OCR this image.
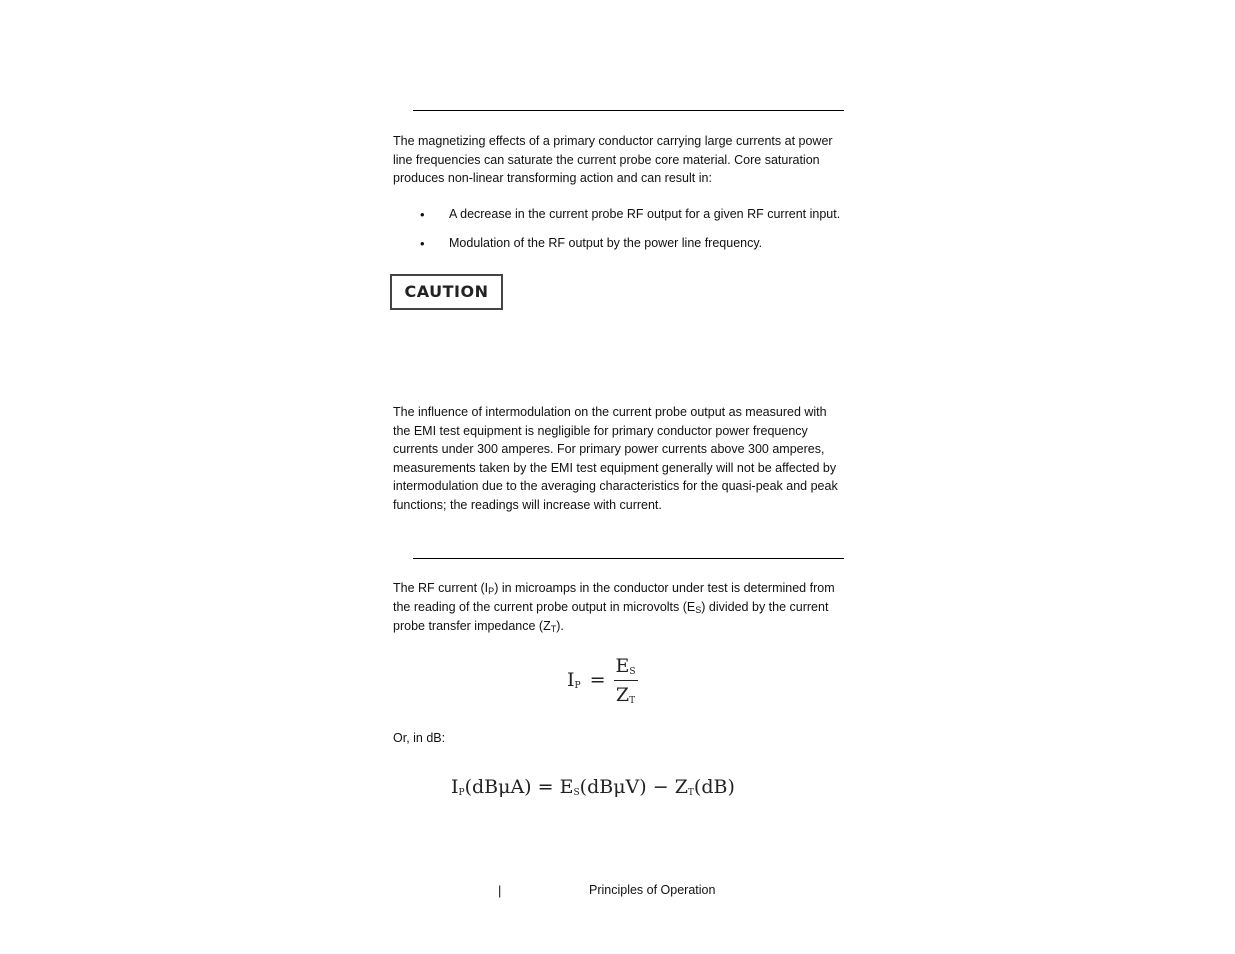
The magnetizing effects of a primary conductor carrying large currents at power line frequencies can saturate the current probe core material. Core saturation produces non-linear transforming action and can result in:

• A decrease in the current probe RF output for a given RF current input.
• Modulation of the RF output by the power line frequency.
CAUTION

The influence of intermodulation on the current probe output as measured with the EMI test equipment is negligible for primary conductor power frequency currents under 300 amperes. For primary power currents above 300 amperes, measurements taken by the EMI test equipment generally will not be affected by intermodulation due to the averaging characteristics for the quasi-peak and peak functions; the readings will increase with current.

The RF current $(I_P)$ in microamps in the conductor under test is determined from the reading of the current probe output in microvolts $(E_S)$ divided by the current probe transfer impedance $(Z_T)$.

$I_P = \frac{E_S}{Z_T}$

Or, in dB:

$I_P(dB\mu A) = E_S(dB\mu V) - Z_T(dB)$
|	Principles of Operation
